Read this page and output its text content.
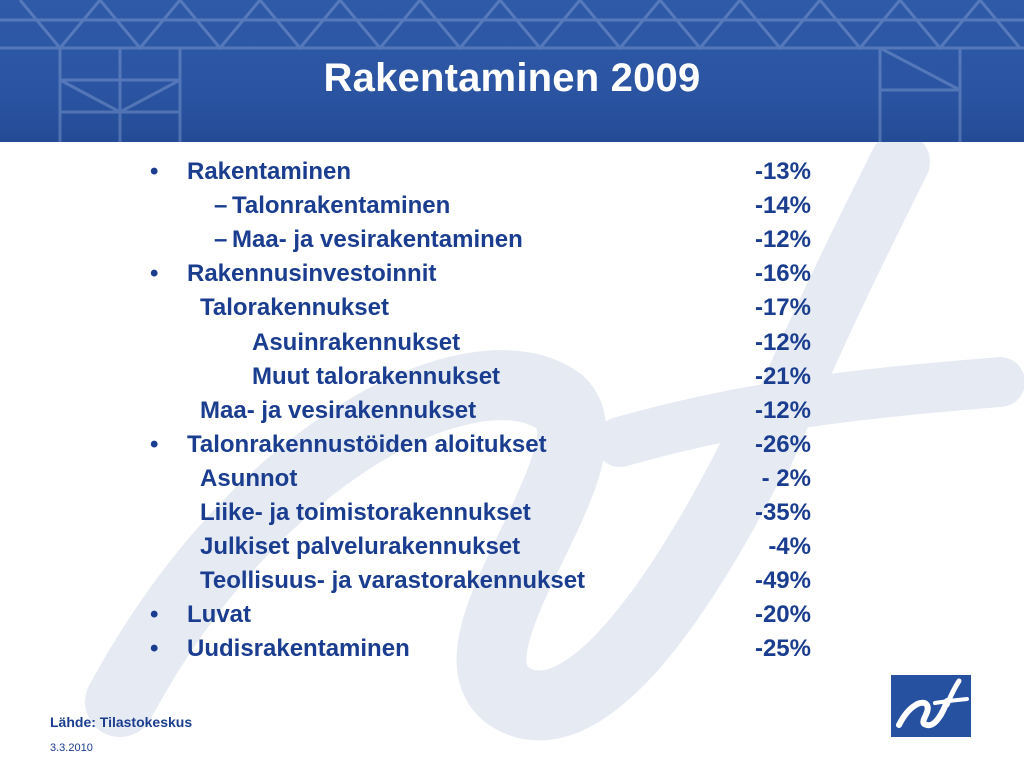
Rakentaminen 2009
• Rakentaminen	-13%
– Talonrakentaminen	-14%
– Maa- ja vesirakentaminen	-12%
• Rakennusinvestoinnit	-16%
Talorakennukset	-17%
Asuinrakennukset	-12%
Muut talorakennukset	-21%
Maa- ja vesirakennukset	-12%
• Talonrakennustöiden aloitukset	-26%
Asunnot	- 2%
Liike- ja toimistorakennukset	-35%
Julkiset palvelurakennukset	-4%
Teollisuus- ja varastorakennukset	-49%
• Luvat	-20%
• Uudisrakentaminen	-25%
Lähde: Tilastokeskus
3.3.2010
